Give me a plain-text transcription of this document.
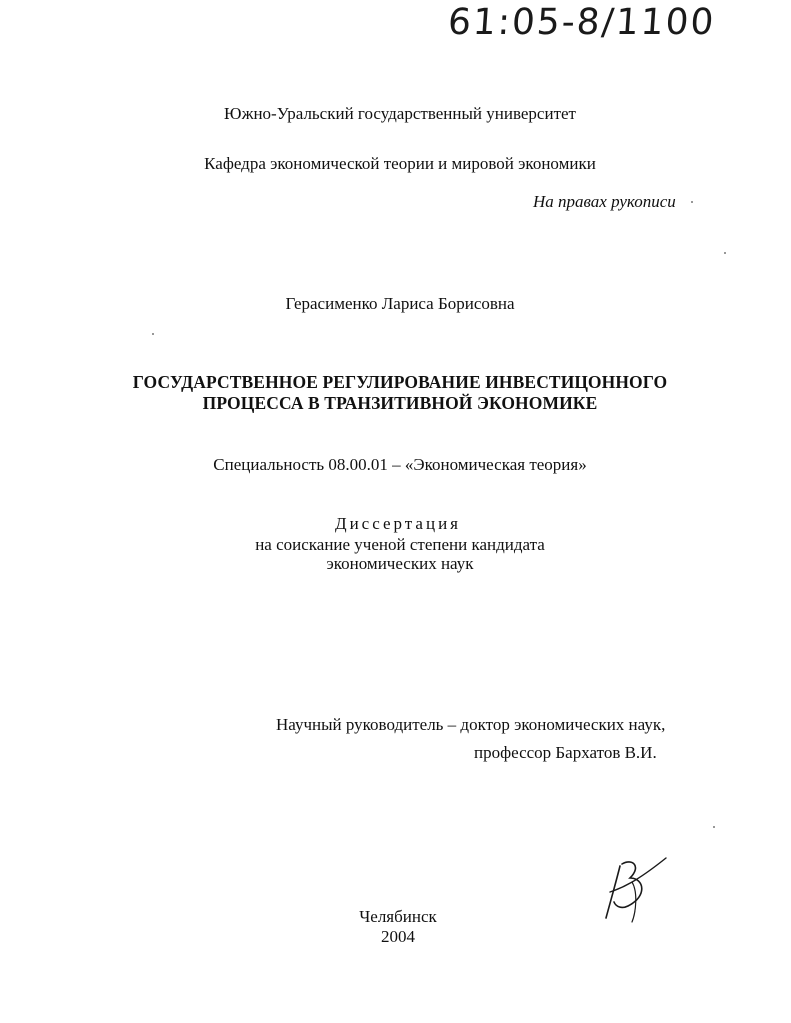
61:05-8/1100
Южно-Уральский государственный университет
Кафедра экономической теории и мировой экономики
На правах рукописи
Герасименко Лариса Борисовна
ГОСУДАРСТВЕННОЕ РЕГУЛИРОВАНИЕ ИНВЕСТИЦОННОГО
ПРОЦЕССА В ТРАНЗИТИВНОЙ ЭКОНОМИКЕ
Специальность 08.00.01 – «Экономическая теория»
Диссертация
на соискание ученой степени кандидата
экономических наук
Научный руководитель – доктор экономических наук,
профессор Бархатов В.И.
Челябинск
2004
